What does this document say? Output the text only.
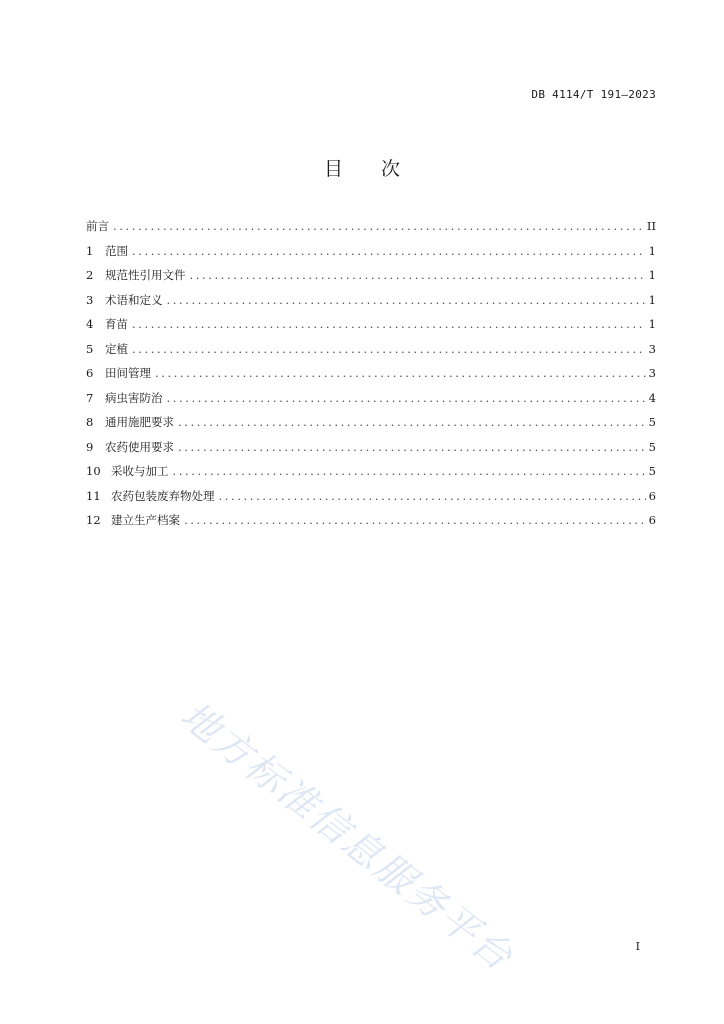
DB 4114/T 191—2023
目 次
前言 .....	II
1	范围 .....	1
2	规范性引用文件 .....	1
3	术语和定义 .....	1
4	育苗 .....	1
5	定植 .....	3
6	田间管理 .....	3
7	病虫害防治 .....	4
8	通用施肥要求 .....	5
9	农药使用要求 .....	5
10 采收与加工 .....	5
11 农药包装废弃物处理 .....	6
12 建立生产档案 .....	6
地方标准信息服务平台	I
